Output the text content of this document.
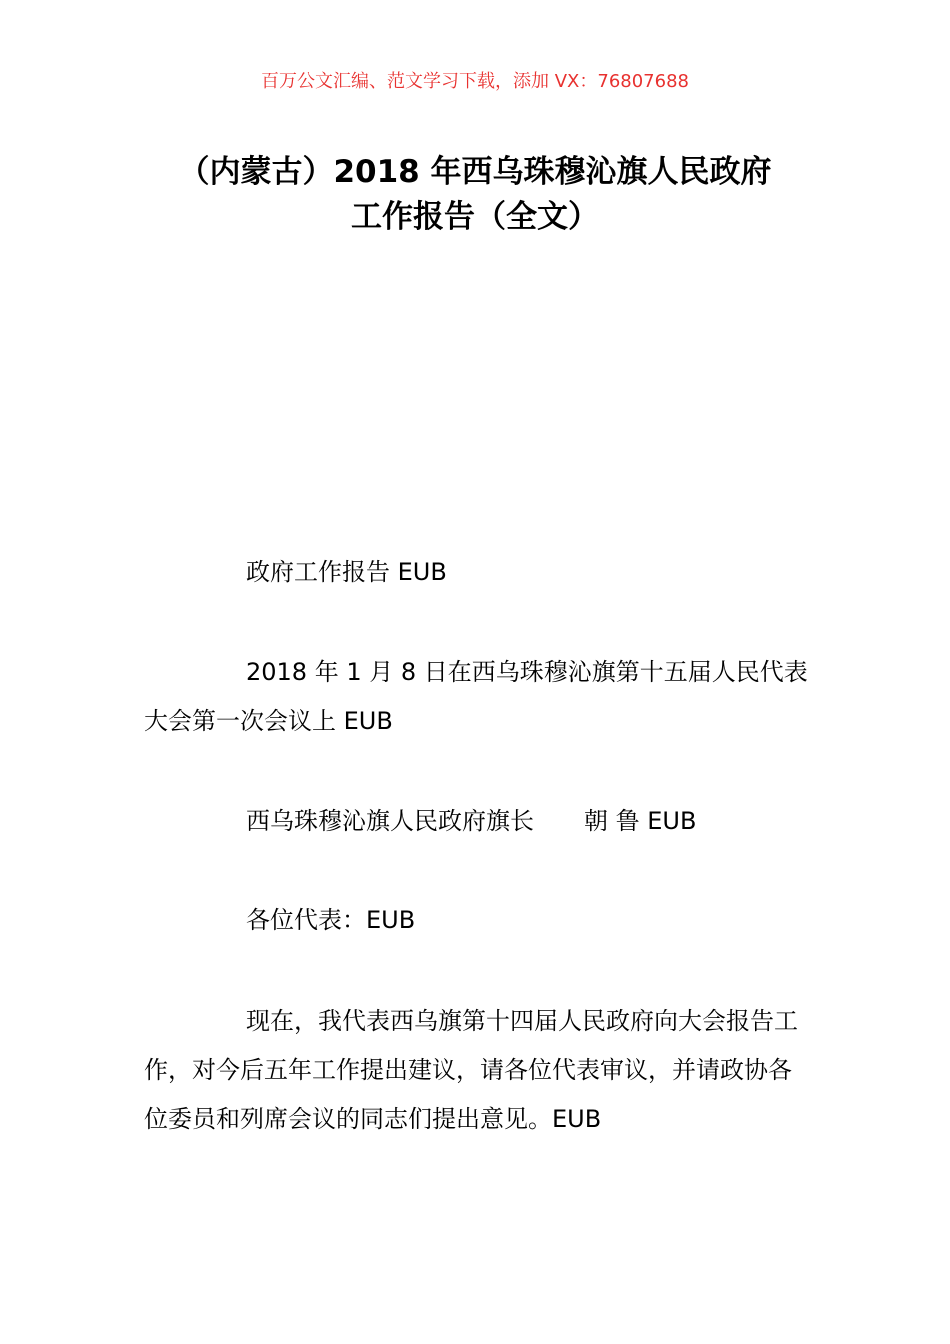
百万公文汇编、范文学习下载，添加 VX：76807688
（内蒙古）2018 年西乌珠穆沁旗人民政府
工作报告（全文）

政府工作报告 EUB

2018 年 1 月 8 日在西乌珠穆沁旗第十五届人民代表大会第一次会议上 EUB

西乌珠穆沁旗人民政府旗长 朝 鲁 EUB

各位代表：EUB

现在，我代表西乌旗第十四届人民政府向大会报告工作，对今后五年工作提出建议，请各位代表审议，并请政协各位委员和列席会议的同志们提出意见。EUB
